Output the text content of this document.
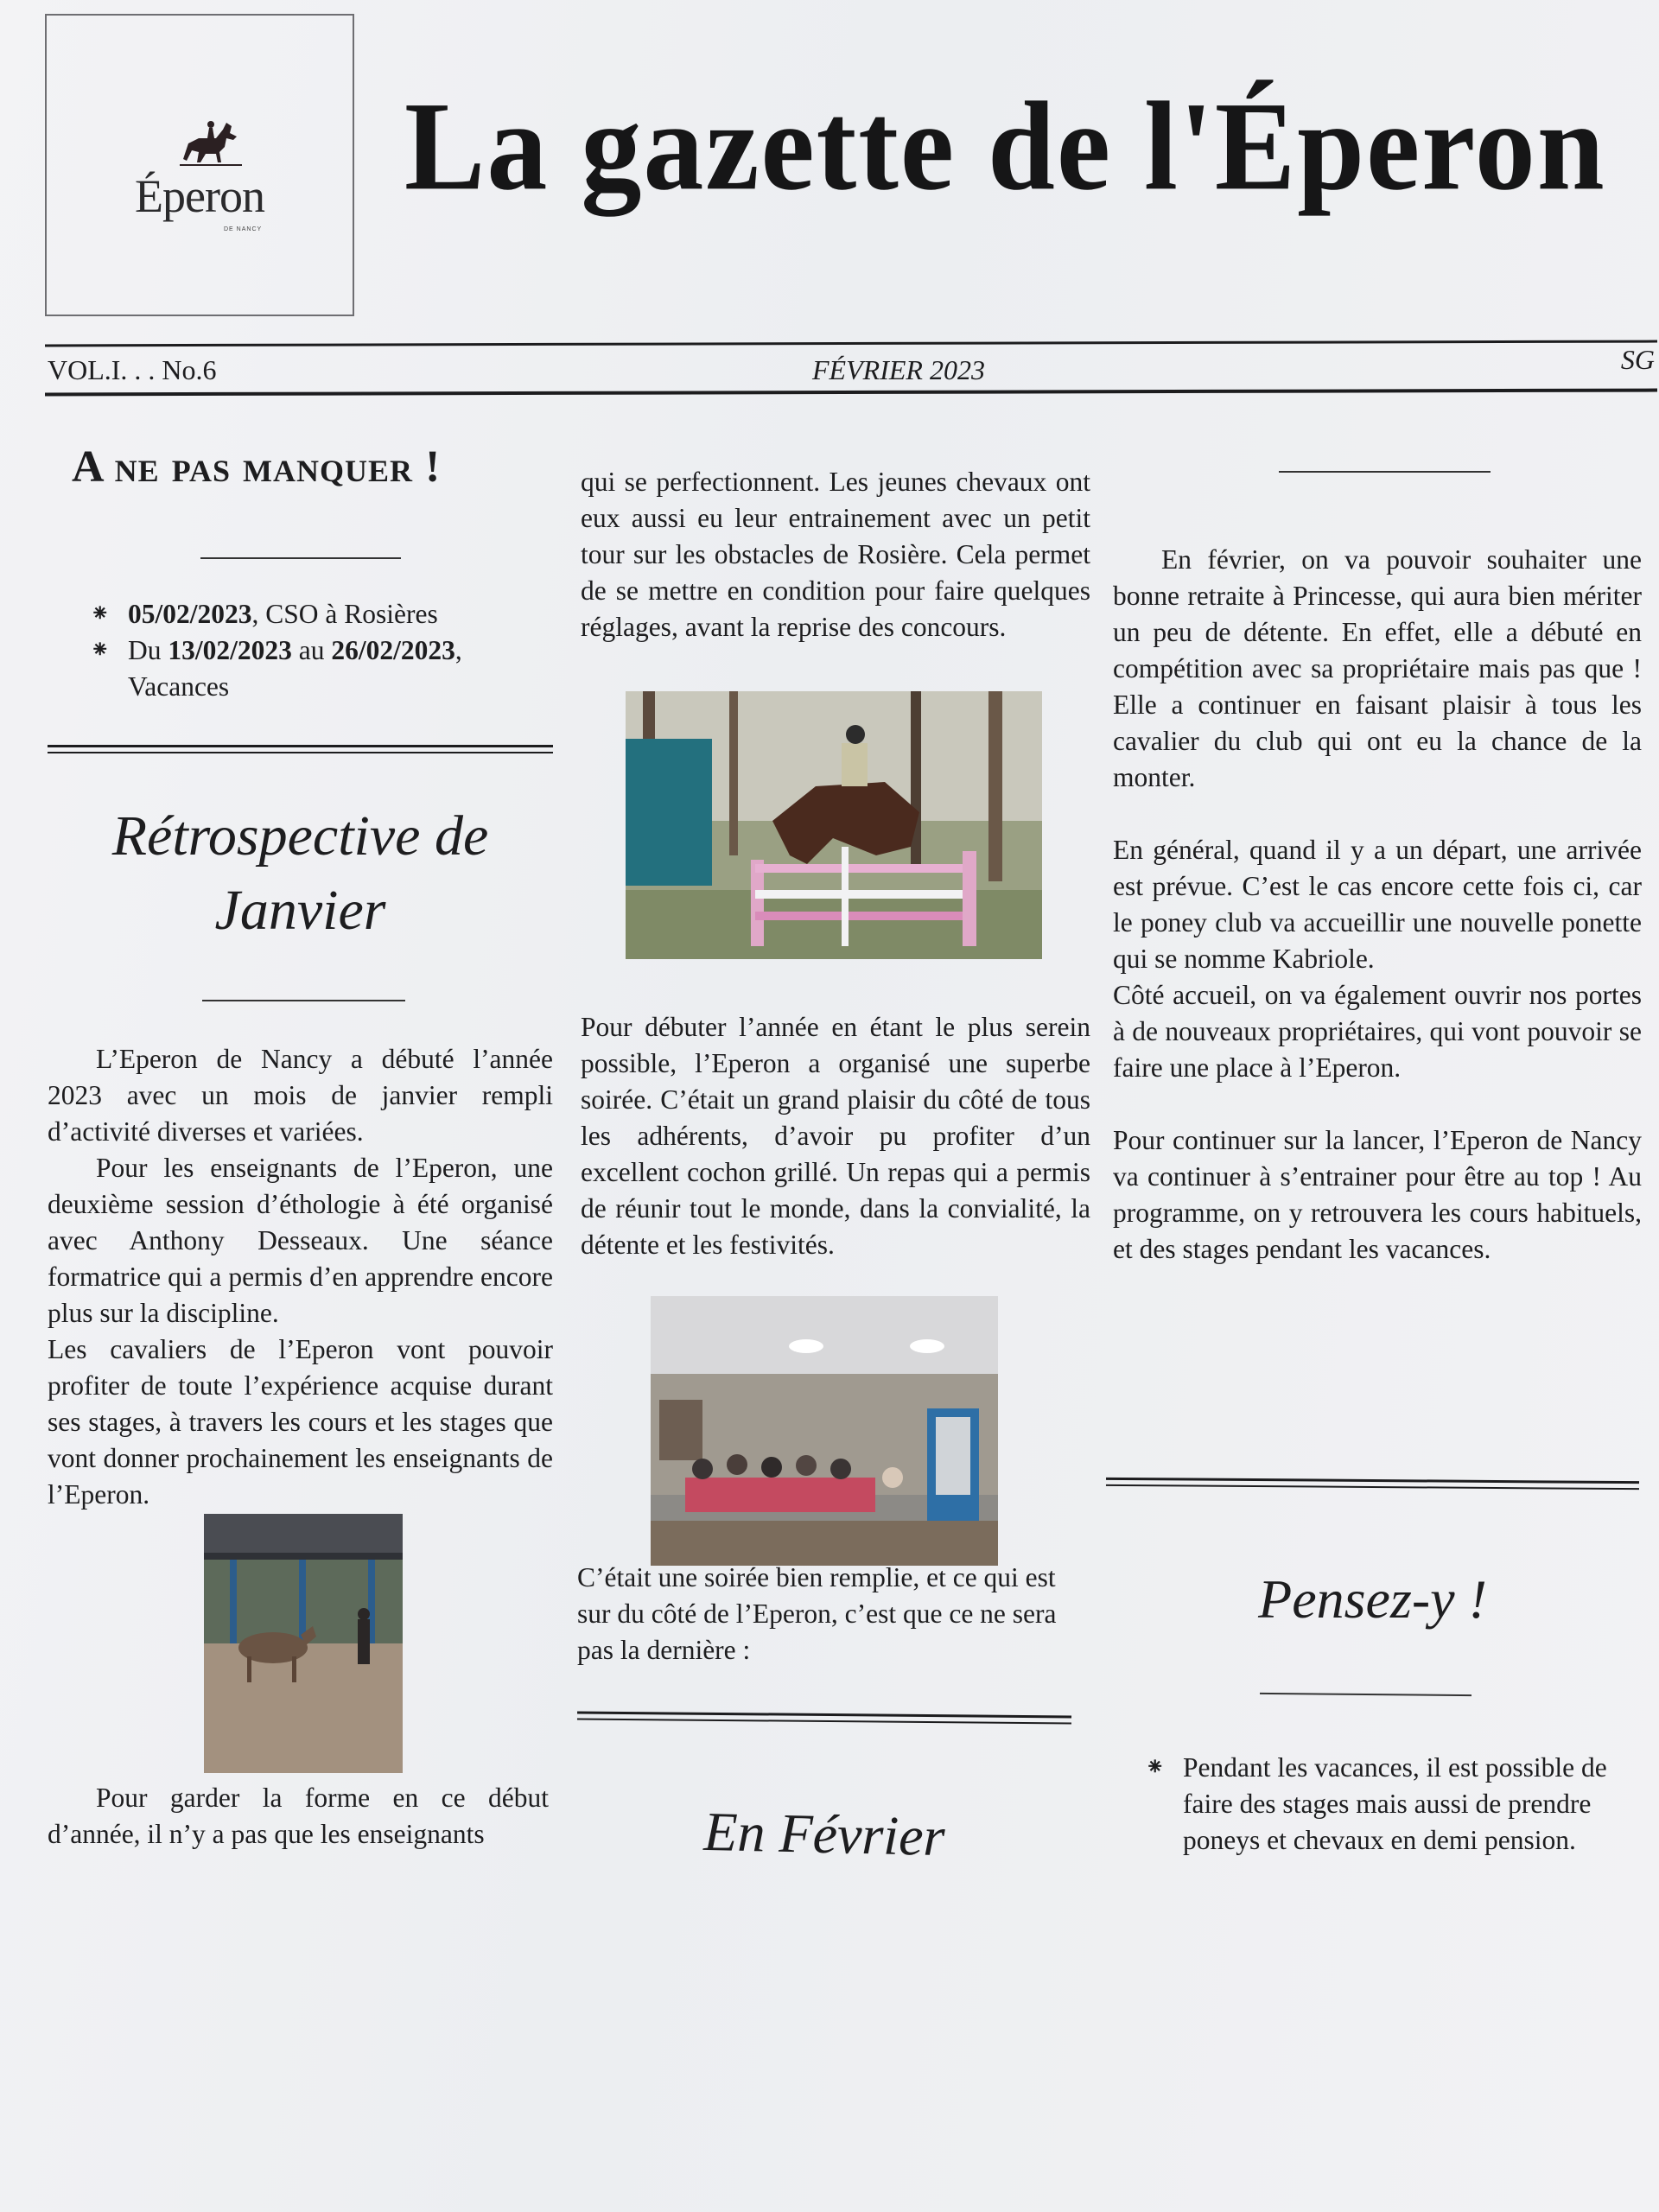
Éperon
DE NANCY
La gazette de l'Éperon
VOL.I. . . No.6	FÉVRIER 2023	SG
A ne pas manquer !
⁕ 05/02/2023, CSO à Rosières
⁕ Du 13/02/2023 au 26/02/2023, Vacances
Rétrospective de
Janvier

L’Eperon de Nancy a débuté l’année 2023 avec un mois de janvier rempli d’activité diverses et variées.

Pour les enseignants de l’Eperon, une deuxième session d’éthologie à été organisé avec Anthony Desseaux. Une séance formatrice qui a permis d’en apprendre encore plus sur la discipline.

Les cavaliers de l’Eperon vont pouvoir profiter de toute l’expérience acquise durant ses stages, à travers les cours et les stages que vont donner prochainement les enseignants de l’Eperon.

Pour garder la forme en ce début d’année, il n’y a pas que les enseignants

qui se perfectionnent. Les jeunes chevaux ont eux aussi eu leur entrainement avec un petit tour sur les obstacles de Rosière. Cela permet de se mettre en condition pour faire quelques réglages, avant la reprise des concours.

Pour débuter l’année en étant le plus serein possible, l’Eperon a organisé une superbe soirée. C’était un grand plaisir du côté de tous les adhérents, d’avoir pu profiter d’un excellent cochon grillé. Un repas qui a permis de réunir tout le monde, dans la convialité, la détente et les festivités.

C’était une soirée bien remplie, et ce qui est sur du côté de l’Eperon, c’est que ce ne sera pas la dernière :

En Février

En février, on va pouvoir souhaiter une bonne retraite à Princesse, qui aura bien mériter un peu de détente. En effet, elle a débuté en compétition avec sa propriétaire mais pas que ! Elle a continuer en faisant plaisir à tous les cavalier du club qui ont eu la chance de la monter.

En général, quand il y a un départ, une arrivée est prévue. C’est le cas encore cette fois ci, car le poney club va accueillir une nouvelle ponette qui se nomme Kabriole.

Côté accueil, on va également ouvrir nos portes à de nouveaux propriétaires, qui vont pouvoir se faire une place à l’Eperon.

Pour continuer sur la lancer, l’Eperon de Nancy va continuer à s’entrainer pour être au top ! Au programme, on y retrouvera les cours habituels, et des stages pendant les vacances.

Pensez-y !
⁕ Pendant les vacances, il est possible de faire des stages mais aussi de prendre poneys et chevaux en demi pension.
